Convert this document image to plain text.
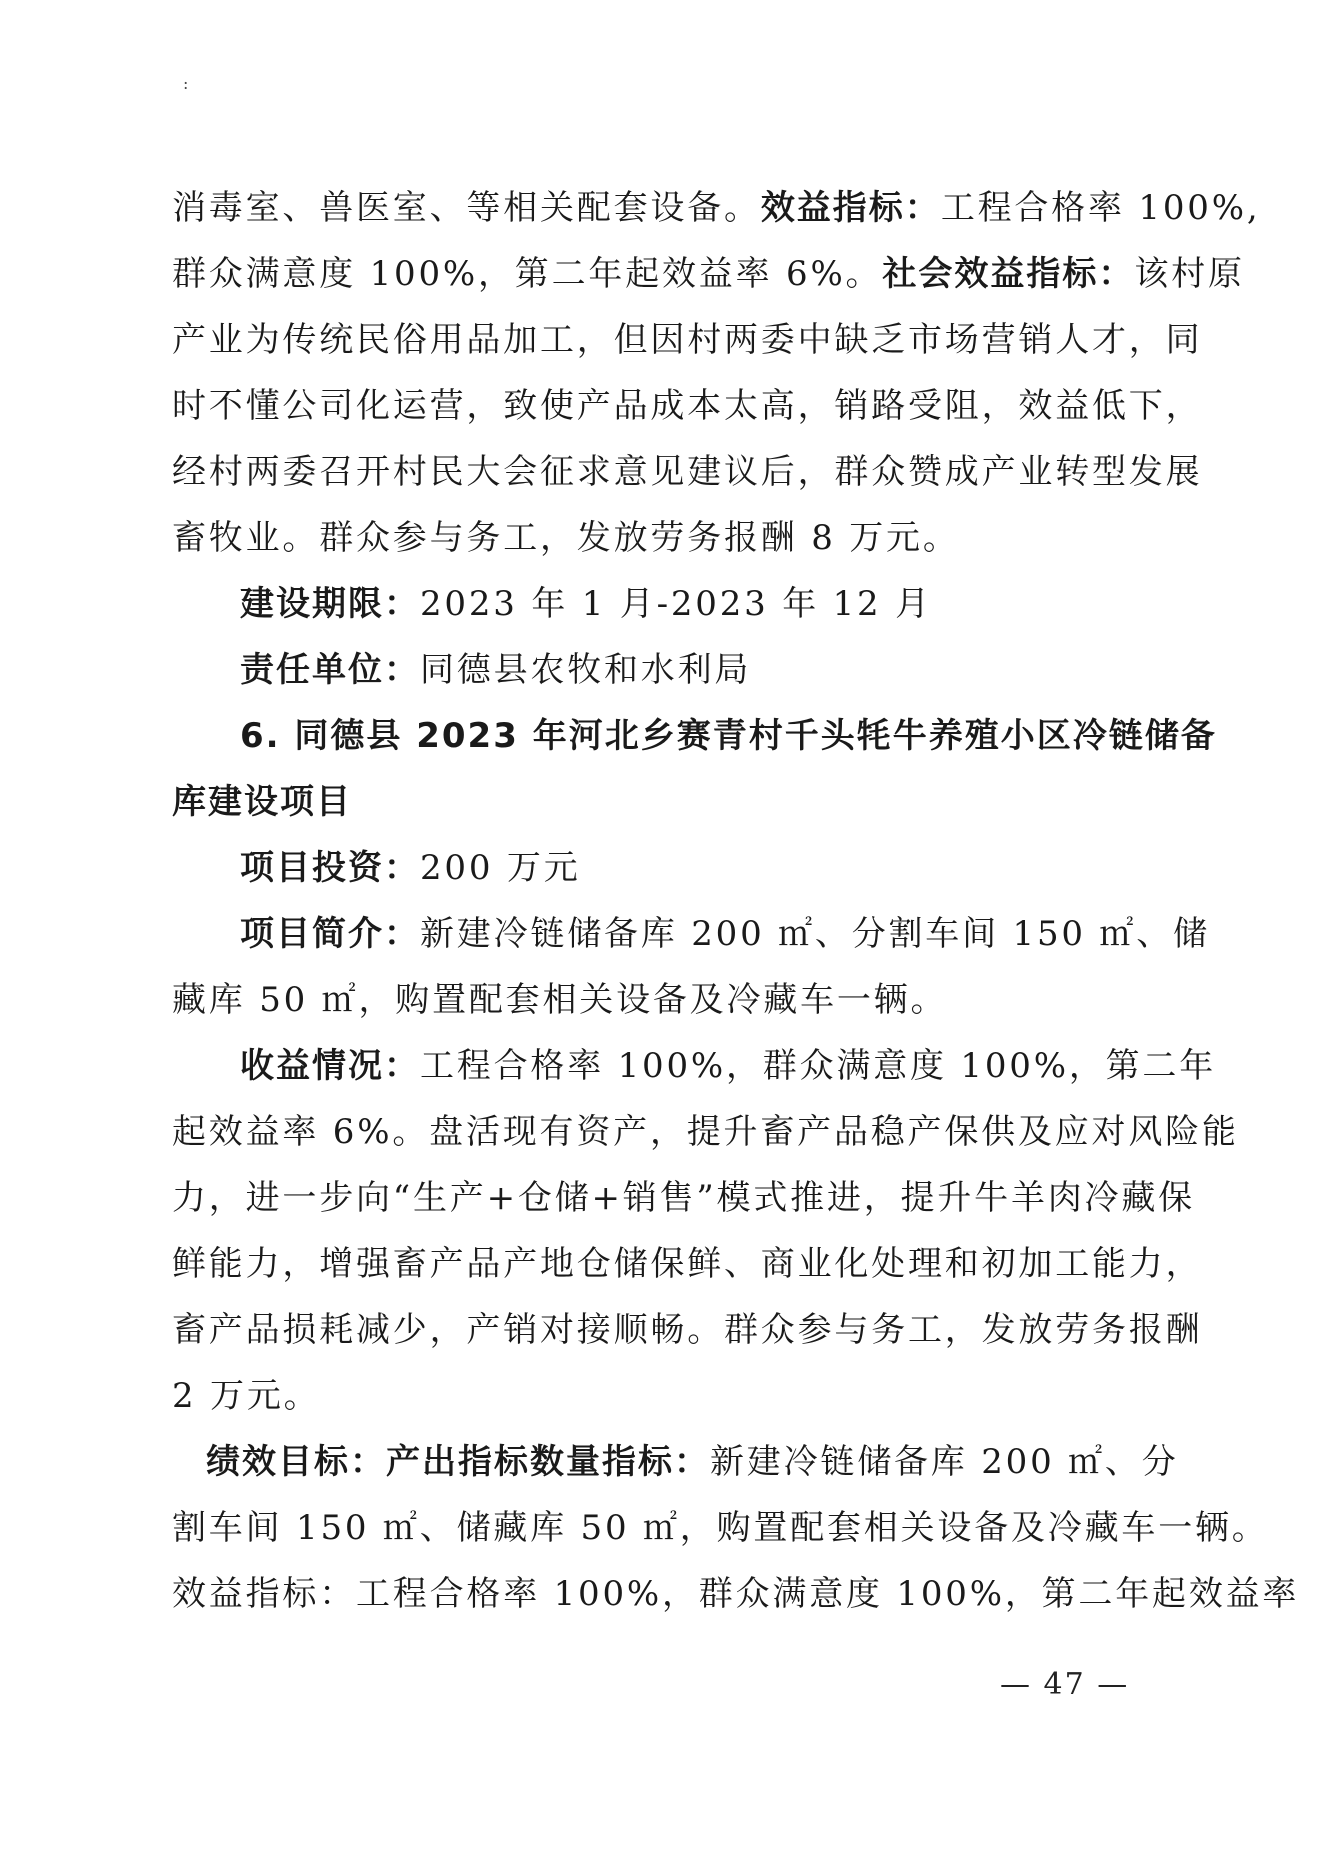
:
消毒室、兽医室、等相关配套设备。效益指标：工程合格率 100%,
群众满意度 100%，第二年起效益率 6%。社会效益指标：该村原
产业为传统民俗用品加工，但因村两委中缺乏市场营销人才，同
时不懂公司化运营，致使产品成本太高，销路受阻，效益低下，
经村两委召开村民大会征求意见建议后，群众赞成产业转型发展
畜牧业。群众参与务工，发放劳务报酬 8 万元。
建设期限：2023 年 1 月-2023 年 12 月
责任单位：同德县农牧和水利局
6. 同德县 2023 年河北乡赛青村千头牦牛养殖小区冷链储备
库建设项目
项目投资：200 万元
项目简介：新建冷链储备库 200 ㎡、分割车间 150 ㎡、储
藏库 50 ㎡，购置配套相关设备及冷藏车一辆。
收益情况：工程合格率 100%，群众满意度 100%，第二年
起效益率 6%。盘活现有资产，提升畜产品稳产保供及应对风险能
力，进一步向“生产+仓储+销售”模式推进，提升牛羊肉冷藏保
鲜能力，增强畜产品产地仓储保鲜、商业化处理和初加工能力，
畜产品损耗减少，产销对接顺畅。群众参与务工，发放劳务报酬
2 万元。
绩效目标：产出指标数量指标：新建冷链储备库 200 ㎡、分
割车间 150 ㎡、储藏库 50 ㎡，购置配套相关设备及冷藏车一辆。
效益指标：工程合格率 100%，群众满意度 100%，第二年起效益率
— 47 —
